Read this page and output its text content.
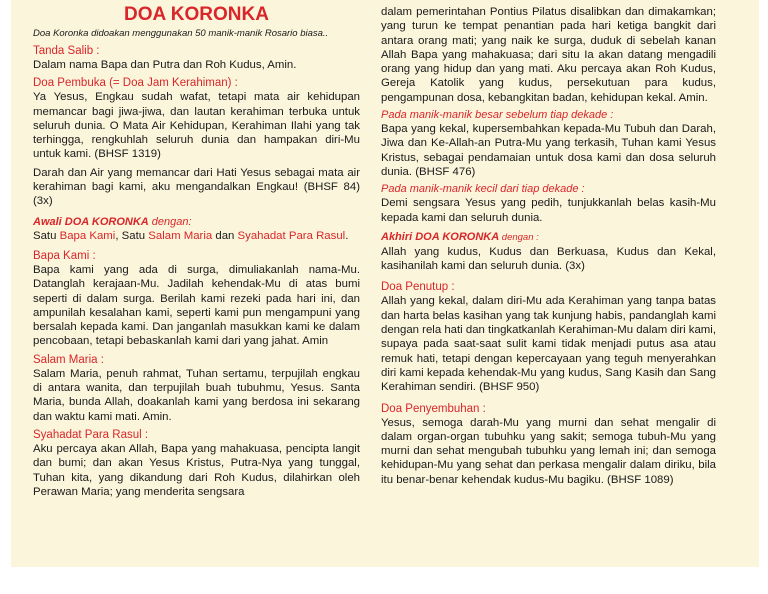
DOA KORONKA
Doa Koronka didoakan menggunakan 50 manik-manik Rosario biasa..
Tanda Salib :

Dalam nama Bapa dan Putra dan Roh Kudus, Amin.

Doa Pembuka (= Doa Jam Kerahiman) :

Ya Yesus, Engkau sudah wafat, tetapi mata air kehidupan memancar bagi jiwa-jiwa, dan lautan kerahiman terbuka untuk seluruh dunia. O Mata Air Kehidupan, Kerahiman Ilahi yang tak terhingga, rengkuhlah seluruh dunia dan hampakan diri-Mu untuk kami. (BHSF 1319)

Darah dan Air yang memancar dari Hati Yesus sebagai mata air kerahiman bagi kami, aku mengandalkan Engkau! (BHSF 84) (3x)

Awali DOA KORONKA dengan:

Satu Bapa Kami, Satu Salam Maria dan Syahadat Para Rasul.

Bapa Kami :

Bapa kami yang ada di surga, dimuliakanlah nama-Mu. Datanglah kerajaan-Mu. Jadilah kehendak-Mu di atas bumi seperti di dalam surga. Berilah kami rezeki pada hari ini, dan ampunilah kesalahan kami, seperti kami pun mengampuni yang bersalah kepada kami. Dan janganlah masukkan kami ke dalam pencobaan, tetapi bebaskanlah kami dari yang jahat. Amin

Salam Maria :

Salam Maria, penuh rahmat, Tuhan sertamu, terpujilah engkau di antara wanita, dan terpujilah buah tubuhmu, Yesus. Santa Maria, bunda Allah, doakanlah kami yang berdosa ini sekarang dan waktu kami mati. Amin.

Syahadat Para Rasul :

Aku percaya akan Allah, Bapa yang mahakuasa, pencipta langit dan bumi; dan akan Yesus Kristus, Putra-Nya yang tunggal, Tuhan kita, yang dikandung dari Roh Kudus, dilahirkan oleh Perawan Maria; yang menderita sengsara

dalam pemerintahan Pontius Pilatus disalibkan dan dimakamkan; yang turun ke tempat penantian pada hari ketiga bangkit dari antara orang mati; yang naik ke surga, duduk di sebelah kanan Allah Bapa yang mahakuasa; dari situ Ia akan datang mengadili orang yang hidup dan yang mati. Aku percaya akan Roh Kudus, Gereja Katolik yang kudus, persekutuan para kudus, pengampunan dosa, kebangkitan badan, kehidupan kekal. Amin.

Pada manik-manik besar sebelum tiap dekade :

Bapa yang kekal, kupersembahkan kepada-Mu Tubuh dan Darah, Jiwa dan Ke-Allah-an Putra-Mu yang terkasih, Tuhan kami Yesus Kristus, sebagai pendamaian untuk dosa kami dan dosa seluruh dunia. (BHSF 476)

Pada manik-manik kecil dari tiap dekade :

Demi sengsara Yesus yang pedih, tunjukkanlah belas kasih-Mu kepada kami dan seluruh dunia.

Akhiri DOA KORONKA dengan :

Allah yang kudus, Kudus dan Berkuasa, Kudus dan Kekal, kasihanilah kami dan seluruh dunia. (3x)

Doa Penutup :

Allah yang kekal, dalam diri-Mu ada Kerahiman yang tanpa batas dan harta belas kasihan yang tak kunjung habis, pandanglah kami dengan rela hati dan tingkatkanlah Kerahiman-Mu dalam diri kami, supaya pada saat-saat sulit kami tidak menjadi putus asa atau remuk hati, tetapi dengan kepercayaan yang teguh menyerahkan diri kami kepada kehendak-Mu yang kudus, Sang Kasih dan Sang Kerahiman sendiri. (BHSF 950)

Doa Penyembuhan :

Yesus, semoga darah-Mu yang murni dan sehat mengalir di dalam organ-organ tubuhku yang sakit; semoga tubuh-Mu yang murni dan sehat mengubah tubuhku yang lemah ini; dan semoga kehidupan-Mu yang sehat dan perkasa mengalir dalam diriku, bila itu benar-benar kehendak kudus-Mu bagiku. (BHSF 1089)
